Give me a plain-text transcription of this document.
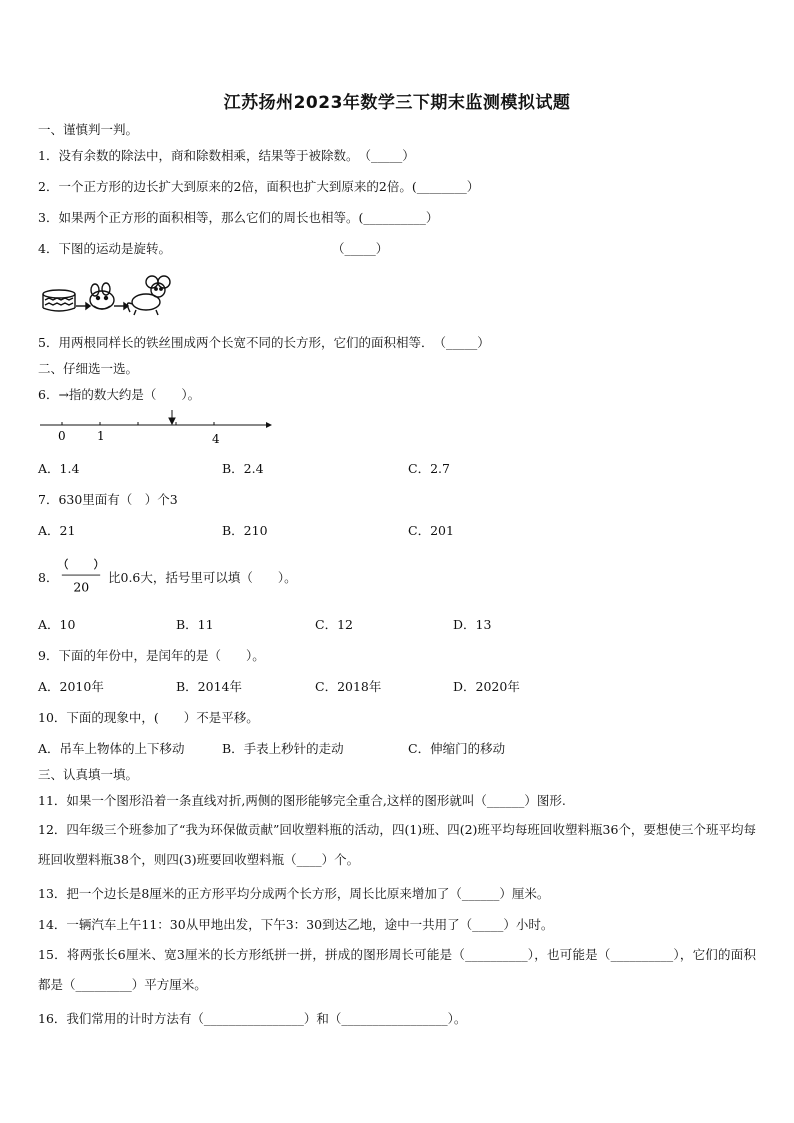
江苏扬州2023年数学三下期末监测模拟试题
一、谨慎判一判。
1．没有余数的除法中，商和除数相乘，结果等于被除数。　（_____）
2．一个正方形的边长扩大到原来的2倍，面积也扩大到原来的2倍。(________）
3．如果两个正方形的面积相等，那么它们的周长也相等。(__________）
4．下图的运动是旋转。	（_____）
5．用两根同样长的铁丝围成两个长宽不同的长方形，它们的面积相等．　（_____）
二、仔细选一选。
6．→指的数大约是（　　）。
0	1	4
A．1.4	B．2.4	C．2.7
7．630里面有（　）个3
A．21	B．210	C．201
8．
20
比0.6大，括号里可以填（　　）。
A．10	B．11	C．12	D．13
9．下面的年份中，是闰年的是（　　）。
A．2010年	B．2014年	C．2018年	D．2020年
10．下面的现象中，(　　）不是平移。
A．吊车上物体的上下移动	B．手表上秒针的走动	C．伸缩门的移动
三、认真填一填。
11．如果一个图形沿着一条直线对折,两侧的图形能够完全重合,这样的图形就叫（______）图形.
12．四年级三个班参加了“我为环保做贡献”回收塑料瓶的活动，四(1)班、四(2)班平均每班回收塑料瓶36个，要想使三个班平均每班回收塑料瓶38个，则四(3)班要回收塑料瓶（____）个。
13．把一个边长是8厘米的正方形平均分成两个长方形，周长比原来增加了（______）厘米。
14．一辆汽车上午11：30从甲地出发，下午3：30到达乙地，途中一共用了（_____）小时。
15．将两张长6厘米、宽3厘米的长方形纸拼一拼，拼成的图形周长可能是（__________），也可能是（__________），它们的面积都是（_________）平方厘米。
16．我们常用的计时方法有（________________）和（_________________）。
